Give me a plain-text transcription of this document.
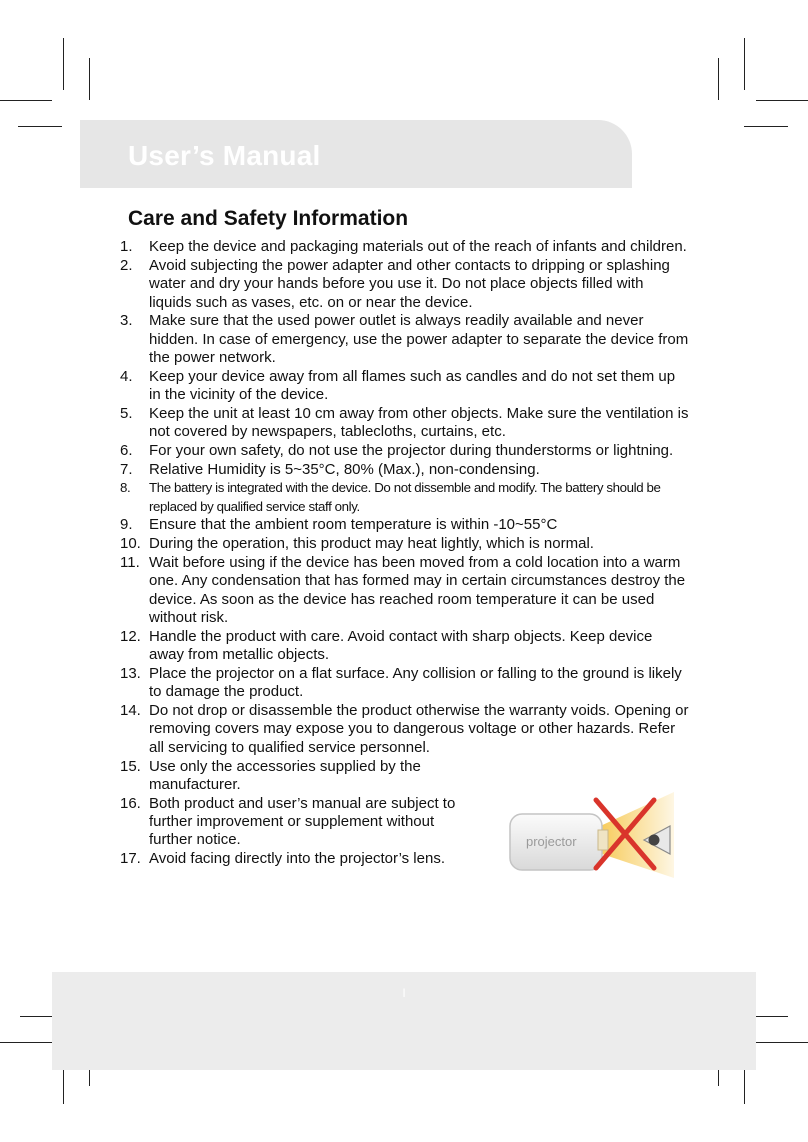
User’s Manual
Care and Safety Information
1. Keep the device and packaging materials out of the reach of infants and children.
2. Avoid subjecting the power adapter and other contacts to dripping or splashing water and dry your hands before you use it. Do not place objects filled with liquids such as vases, etc. on or near the device.
3. Make sure that the used power outlet is always readily available and never hidden. In case of emergency, use the power adapter to separate the device from the power network.
4. Keep your device away from all flames such as candles and do not set them up in the vicinity of the device.
5. Keep the unit at least 10 cm away from other objects. Make sure the ventilation is not covered by newspapers, tablecloths, curtains, etc.
6. For your own safety, do not use the projector during thunderstorms or lightning.
7. Relative Humidity is 5~35°C, 80% (Max.), non-condensing.
8. The battery is integrated with the device. Do not dissemble and modify. The battery should be replaced by qualified service staff only.
9. Ensure that the ambient room temperature is within -10~55°C
10. During the operation, this product may heat lightly, which is normal.
11. Wait before using if the device has been moved from a cold location into a warm one. Any condensation that has formed may in certain circumstances destroy the device. As soon as the device has reached room temperature it can be used without risk.
12. Handle the product with care. Avoid contact with sharp objects. Keep device away from metallic objects.
13. Place the projector on a flat surface. Any collision or falling to the ground is likely to damage the product.
14. Do not drop or disassemble the product otherwise the warranty voids. Opening or removing covers may expose you to dangerous voltage or other hazards. Refer all servicing to qualified service personnel.
15. Use only the accessories supplied by the manufacturer.
16. Both product and user’s manual are subject to further improvement or supplement without further notice.
17. Avoid facing directly into the projector’s lens.
projector
I
